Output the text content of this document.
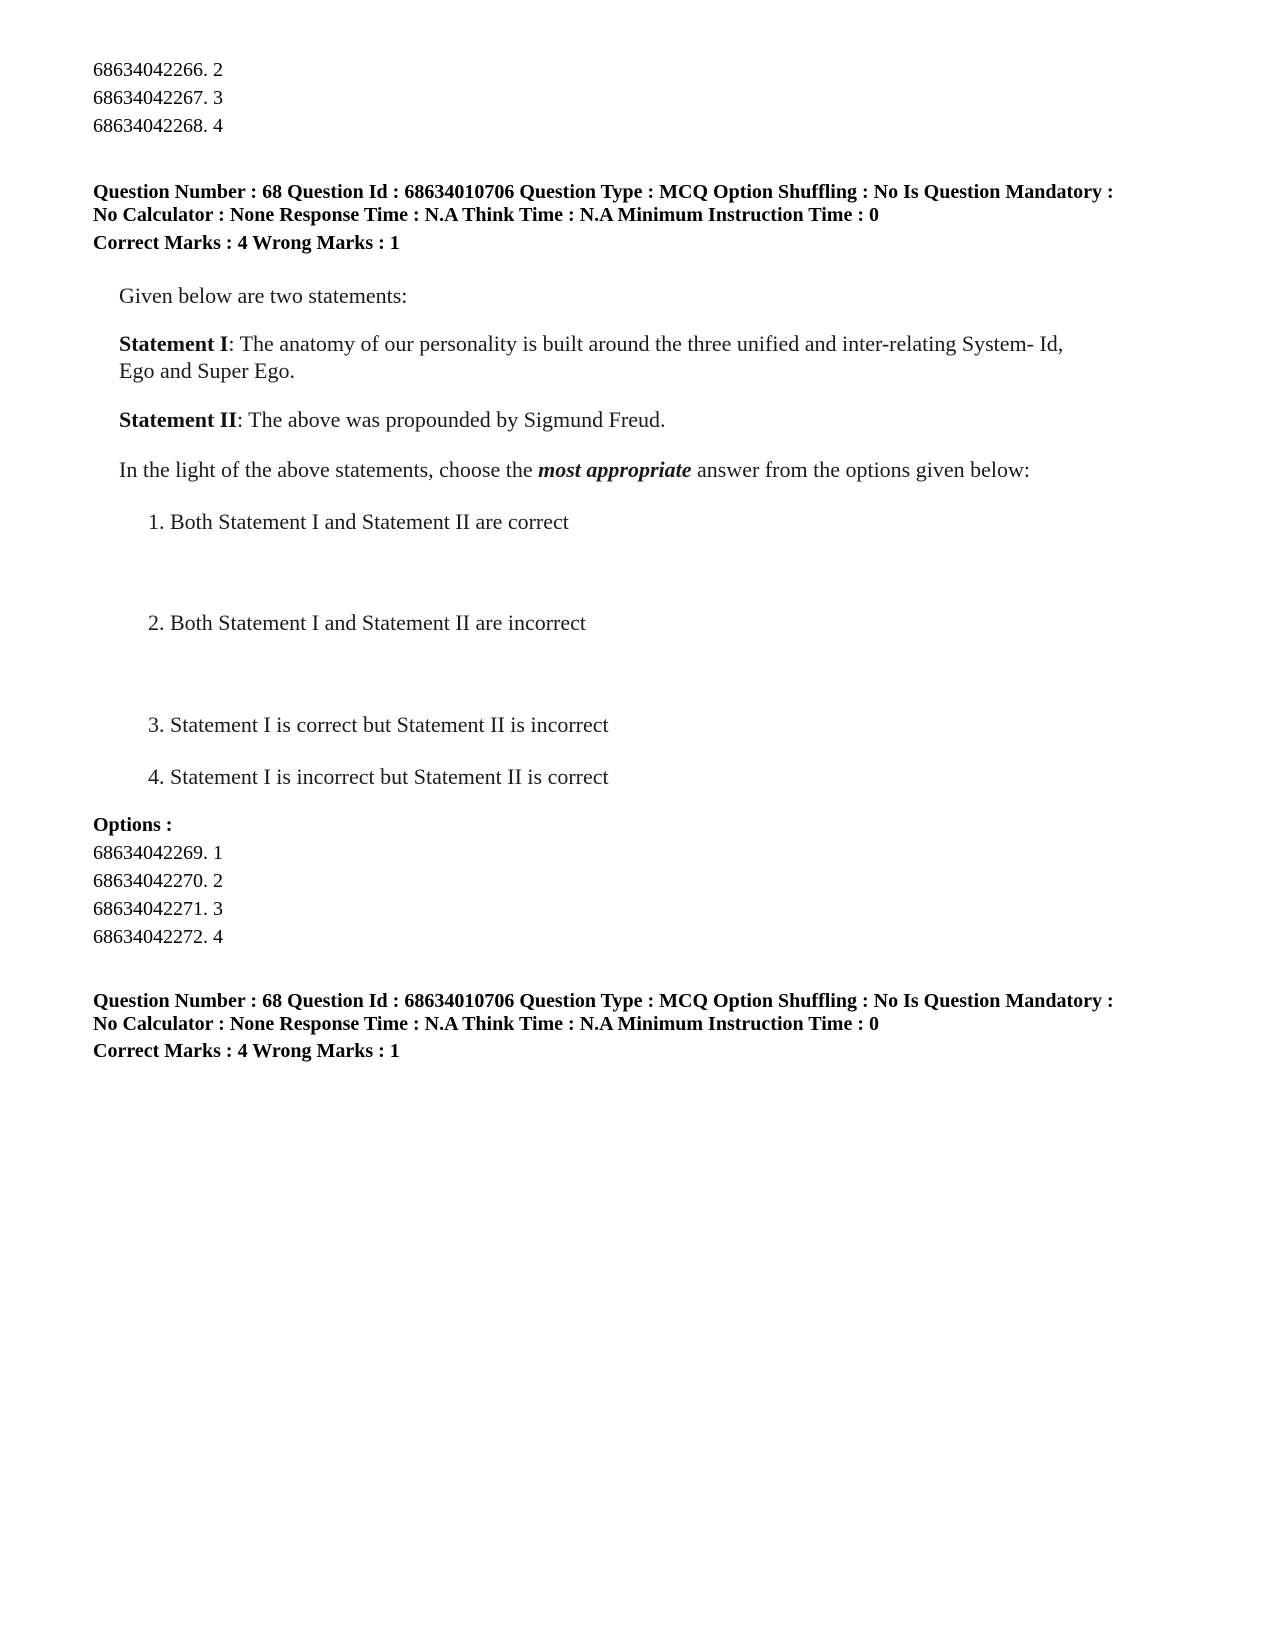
68634042266. 2
68634042267. 3
68634042268. 4
Question Number : 68 Question Id : 68634010706 Question Type : MCQ Option Shuffling : No Is Question Mandatory :
No Calculator : None Response Time : N.A Think Time : N.A Minimum Instruction Time : 0
Correct Marks : 4 Wrong Marks : 1
Given below are two statements:
Statement I: The anatomy of our personality is built around the three unified and inter-relating System- Id,
Ego and Super Ego.
Statement II: The above was propounded by Sigmund Freud.
In the light of the above statements, choose the most appropriate answer from the options given below:
1. Both Statement I and Statement II are correct
2. Both Statement I and Statement II are incorrect
3. Statement I is correct but Statement II is incorrect
4. Statement I is incorrect but Statement II is correct
Options :
68634042269. 1
68634042270. 2
68634042271. 3
68634042272. 4
Question Number : 68 Question Id : 68634010706 Question Type : MCQ Option Shuffling : No Is Question Mandatory :
No Calculator : None Response Time : N.A Think Time : N.A Minimum Instruction Time : 0
Correct Marks : 4 Wrong Marks : 1
